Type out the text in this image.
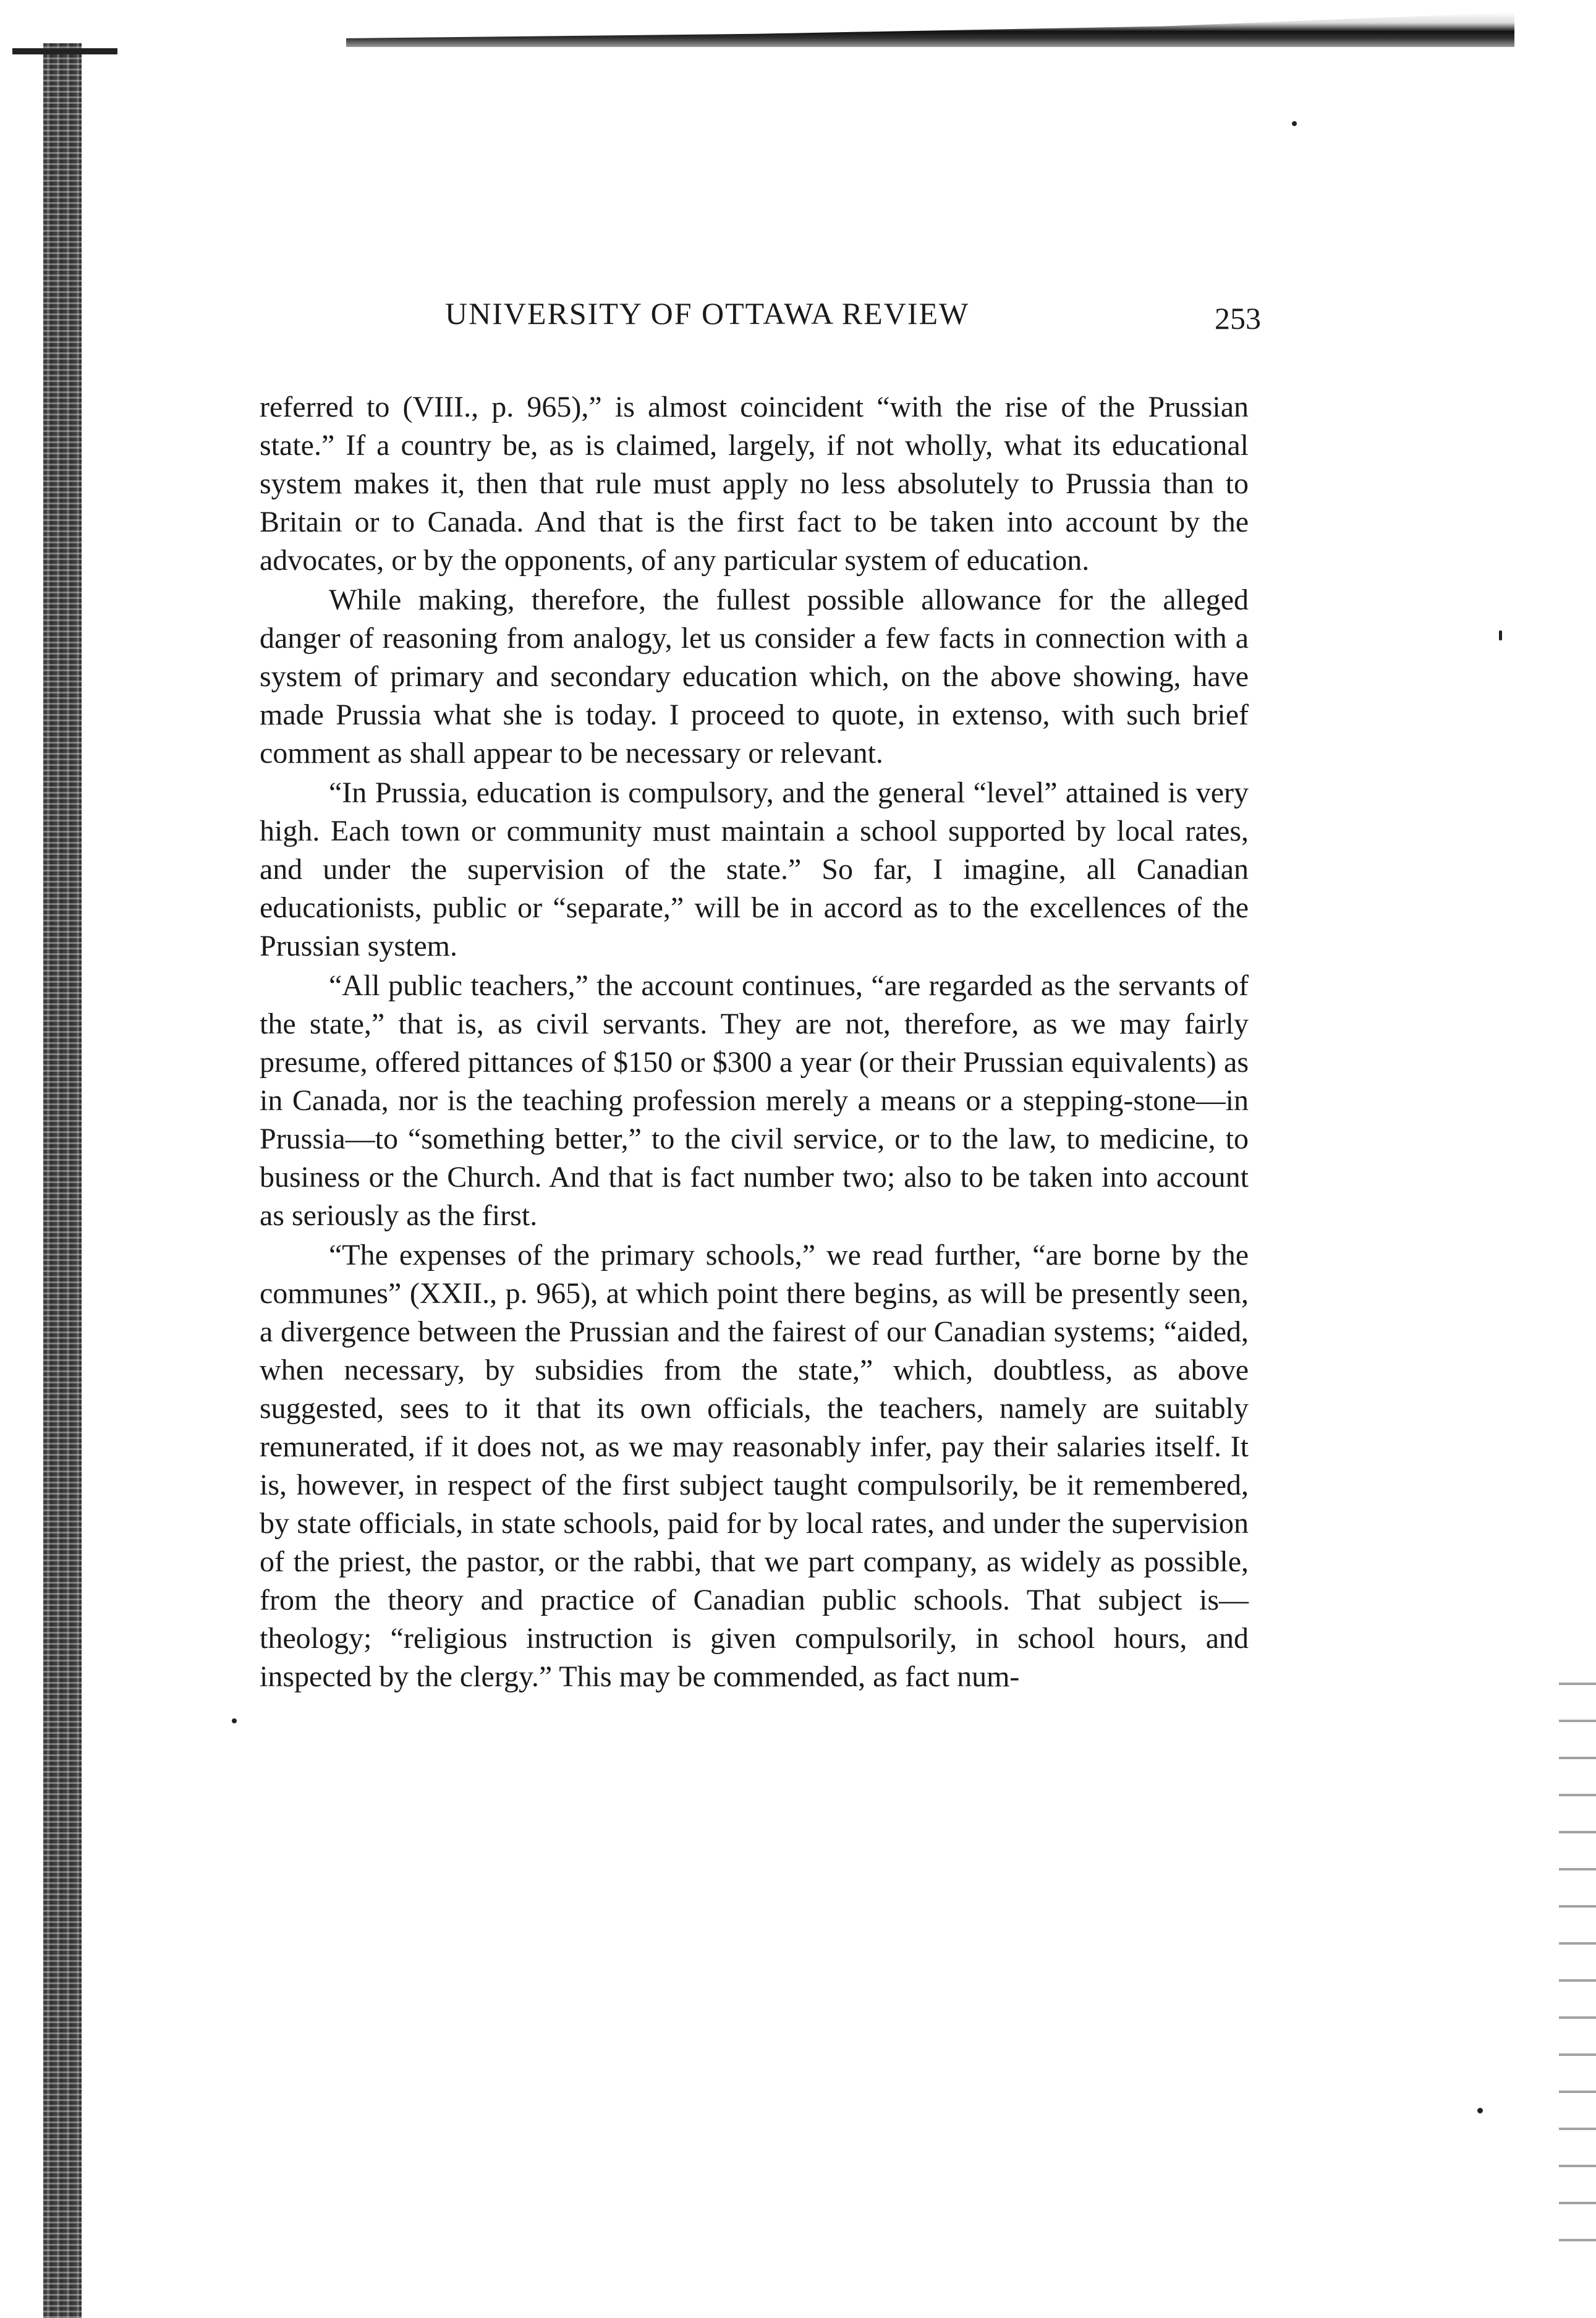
UNIVERSITY OF OTTAWA REVIEW	253

referred to (VIII., p. 965),” is almost coincident “with the rise of the Prussian state.” If a country be, as is claimed, largely, if not wholly, what its educational system makes it, then that rule must apply no less absolutely to Prussia than to Britain or to Canada. And that is the first fact to be taken into account by the advocates, or by the opponents, of any particular system of education.

While making, therefore, the fullest possible allowance for the alleged danger of reasoning from analogy, let us consider a few facts in connection with a system of primary and secondary education which, on the above showing, have made Prussia what she is today. I proceed to quote, in extenso, with such brief comment as shall appear to be necessary or relevant.

“In Prussia, education is compulsory, and the general “level” attained is very high. Each town or community must maintain a school supported by local rates, and under the supervision of the state.” So far, I imagine, all Canadian educationists, public or “separate,” will be in accord as to the excellences of the Prussian system.

“All public teachers,” the account continues, “are regarded as the servants of the state,” that is, as civil servants. They are not, therefore, as we may fairly presume, offered pittances of $150 or $300 a year (or their Prussian equivalents) as in Canada, nor is the teaching profession merely a means or a stepping-stone—in Prussia—to “something better,” to the civil service, or to the law, to medicine, to business or the Church. And that is fact number two; also to be taken into account as seriously as the first.

“The expenses of the primary schools,” we read further, “are borne by the communes” (XXII., p. 965), at which point there begins, as will be presently seen, a divergence between the Prussian and the fairest of our Canadian systems; “aided, when necessary, by subsidies from the state,” which, doubtless, as above suggested, sees to it that its own officials, the teachers, namely are suitably remunerated, if it does not, as we may reasonably infer, pay their salaries itself. It is, however, in respect of the first subject taught compulsorily, be it remembered, by state officials, in state schools, paid for by local rates, and under the supervision of the priest, the pastor, or the rabbi, that we part company, as widely as possible, from the theory and practice of Canadian public schools. That subject is—theology; “religious instruction is given compulsorily, in school hours, and inspected by the clergy.” This may be commended, as fact num-
